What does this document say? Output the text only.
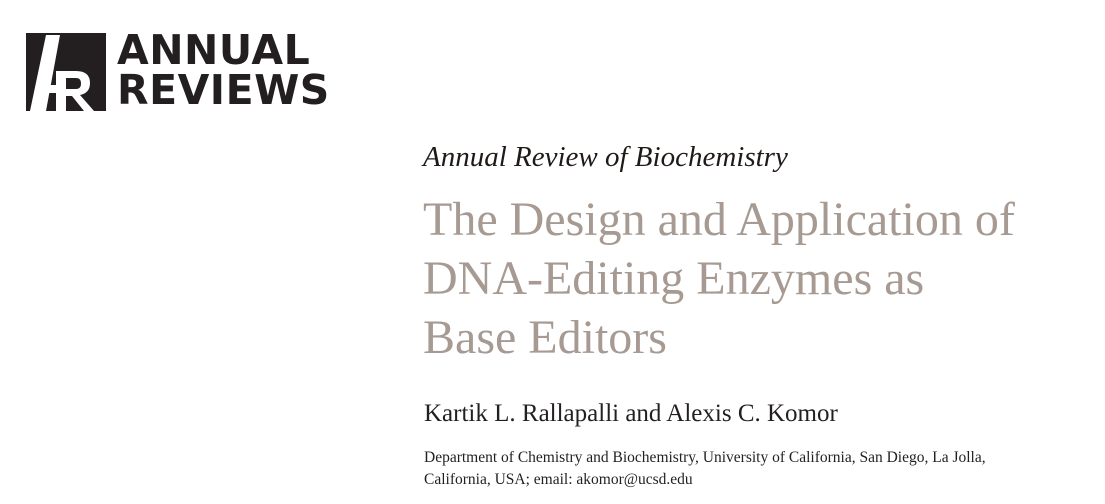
ANNUAL
REVIEWS
Annual Review of Biochemistry
The Design and Application of
DNA-Editing Enzymes as
Base Editors
Kartik L. Rallapalli and Alexis C. Komor
Department of Chemistry and Biochemistry, University of California, San Diego, La Jolla,
California, USA; email: akomor@ucsd.edu
